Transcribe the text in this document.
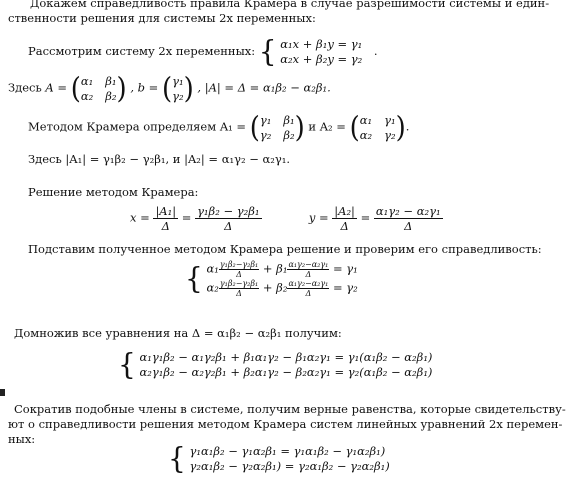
Докажем справедливость правила Крамера в случае разрешимости системы и един-
ственности решения для системы 2х переменных:
Рассмотрим систему 2х переменных: { α₁x + β₁y = γ₁
α₂x + β₂y = γ₂
.
Здесь A = ( α₁ β₁
α₂ β₂ ) , b = ( γ₁
γ₂ ) , |A| = Δ = α₁β₂ − α₂β₁.
Методом Крамера определяем A₁ = ( γ₁ β₁
γ₂ β₂ ) и A₂ = ( α₁ γ₁
α₂ γ₂ ).
Здесь |A₁| = γ₁β₂ − γ₂β₁, и |A₂| = α₁γ₂ − α₂γ₁.
Решение методом Крамера:
$x = \frac{\text{|A₁|}}{\Delta} = \frac{\text{γ₁β₂ − γ₂β₁}}{\Delta}$	$y = \frac{\text{|A₂|}}{\Delta} = \frac{\text{α₁γ₂ − α₂γ₁}}{\Delta}$
Подставим полученное методом Крамера решение и проверим его справедливость:
{ $\alpha_1 \frac{\text{γ₁β₂−γ₂β₁}}{\Delta} + \beta_1 \frac{\text{α₁γ₂−α₂γ₁}}{\Delta} = \gamma_1$
$\alpha_2 \frac{\text{γ₁β₂−γ₂β₁}}{\Delta} + \beta_2 \frac{\text{α₁γ₂−α₂γ₁}}{\Delta} = \gamma_2$
Домножив все уравнения на Δ = α₁β₂ − α₂β₁ получим:
{ α₁γ₁β₂ − α₁γ₂β₁ + β₁α₁γ₂ − β₁α₂γ₁ = γ₁(α₁β₂ − α₂β₁)
α₂γ₁β₂ − α₂γ₂β₁ + β₂α₁γ₂ − β₂α₂γ₁ = γ₂(α₁β₂ − α₂β₁)
Сократив подобные члены в системе, получим верные равенства, которые свидетельству-
ют о справедливости решения методом Крамера систем линейных уравнений 2х перемен-
ных:
{ γ₁α₁β₂ − γ₁α₂β₁ = γ₁α₁β₂ − γ₁α₂β₁)
γ₂α₁β₂ − γ₂α₂β₁) = γ₂α₁β₂ − γ₂α₂β₁)
